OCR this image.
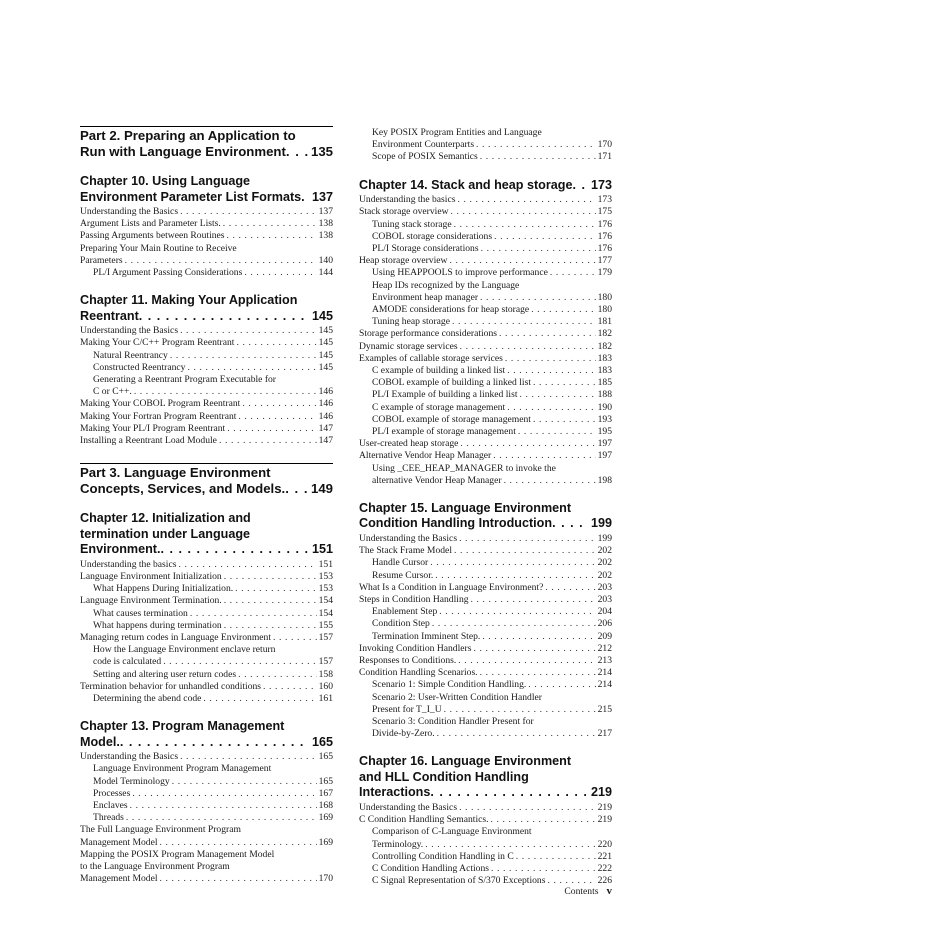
Part 2. Preparing an Application to
Run with Language Environment . . . 135
Chapter 10. Using Language
Environment Parameter List Formats . . . 137
Understanding the Basics . . .	137
Argument Lists and Parameter Lists. . . .	138
Passing Arguments between Routines . . .	138
Preparing Your Main Routine to Receive
Parameters . . .	140
PL/I Argument Passing Considerations . . .	144
Chapter 11. Making Your Application
Reentrant . . .	145
Understanding the Basics . . .	145
Making Your C/C++ Program Reentrant . . .	145
Natural Reentrancy . . .	145
Constructed Reentrancy . . .	145
Generating a Reentrant Program Executable for
C or C++. . . .	146
Making Your COBOL Program Reentrant . . .	146
Making Your Fortran Program Reentrant . . .	146
Making Your PL/I Program Reentrant . . .	147
Installing a Reentrant Load Module . . .	147
Part 3. Language Environment
Concepts, Services, and Models. . . . 149
Chapter 12. Initialization and
termination under Language
Environment. . . .	151
Understanding the basics . . .	151
Language Environment Initialization . . .	153
What Happens During Initialization. . . .	153
Language Environment Termination. . . .	154
What causes termination . . .	154
What happens during termination . . .	155
Managing return codes in Language Environment . . .	157
How the Language Environment enclave return
code is calculated . . .	157
Setting and altering user return codes . . .	158
Termination behavior for unhandled conditions . . .	160
Determining the abend code . . .	161
Chapter 13. Program Management
Model. . . .	165
Understanding the Basics . . .	165
Language Environment Program Management
Model Terminology . . .	165
Processes . . .	167
Enclaves . . .	168
Threads . . .	169
The Full Language Environment Program
Management Model . . .	169
Mapping the POSIX Program Management Model
to the Language Environment Program
Management Model . . .	170
Key POSIX Program Entities and Language
Environment Counterparts . . .	170
Scope of POSIX Semantics . . .	171
Chapter 14. Stack and heap storage . . . 173
Understanding the basics . . .	173
Stack storage overview . . .	175
Tuning stack storage . . .	176
COBOL storage considerations . . .	176
PL/I Storage considerations . . .	176
Heap storage overview . . .	177
Using HEAPPOOLS to improve performance . . .	179
Heap IDs recognized by the Language
Environment heap manager . . .	180
AMODE considerations for heap storage . . .	180
Tuning heap storage . . .	181
Storage performance considerations . . .	182
Dynamic storage services . . .	182
Examples of callable storage services . . .	183
C example of building a linked list . . .	183
COBOL example of building a linked list . . .	185
PL/I Example of building a linked list . . .	188
C example of storage management . . .	190
COBOL example of storage management . . .	193
PL/I example of storage management . . .	195
User-created heap storage . . .	197
Alternative Vendor Heap Manager . . .	197
Using _CEE_HEAP_MANAGER to invoke the
alternative Vendor Heap Manager . . .	198
Chapter 15. Language Environment
Condition Handling Introduction . . .	199
Understanding the Basics . . .	199
The Stack Frame Model . . .	202
Handle Cursor . . .	202
Resume Cursor. . . .	202
What Is a Condition in Language Environment? . . .	203
Steps in Condition Handling . . .	203
Enablement Step . . .	204
Condition Step . . .	206
Termination Imminent Step. . . .	209
Invoking Condition Handlers . . .	212
Responses to Conditions. . . .	213
Condition Handling Scenarios. . . .	214
Scenario 1: Simple Condition Handling. . . .	214
Scenario 2: User-Written Condition Handler
Present for T_I_U . . .	215
Scenario 3: Condition Handler Present for
Divide-by-Zero. . . .	217
Chapter 16. Language Environment
and HLL Condition Handling
Interactions . . .	219
Understanding the Basics . . .	219
C Condition Handling Semantics. . . .	219
Comparison of C-Language Environment
Terminology. . . .	220
Controlling Condition Handling in C . . .	221
C Condition Handling Actions . . .	222
C Signal Representation of S/370 Exceptions . . .	226
Contents v
